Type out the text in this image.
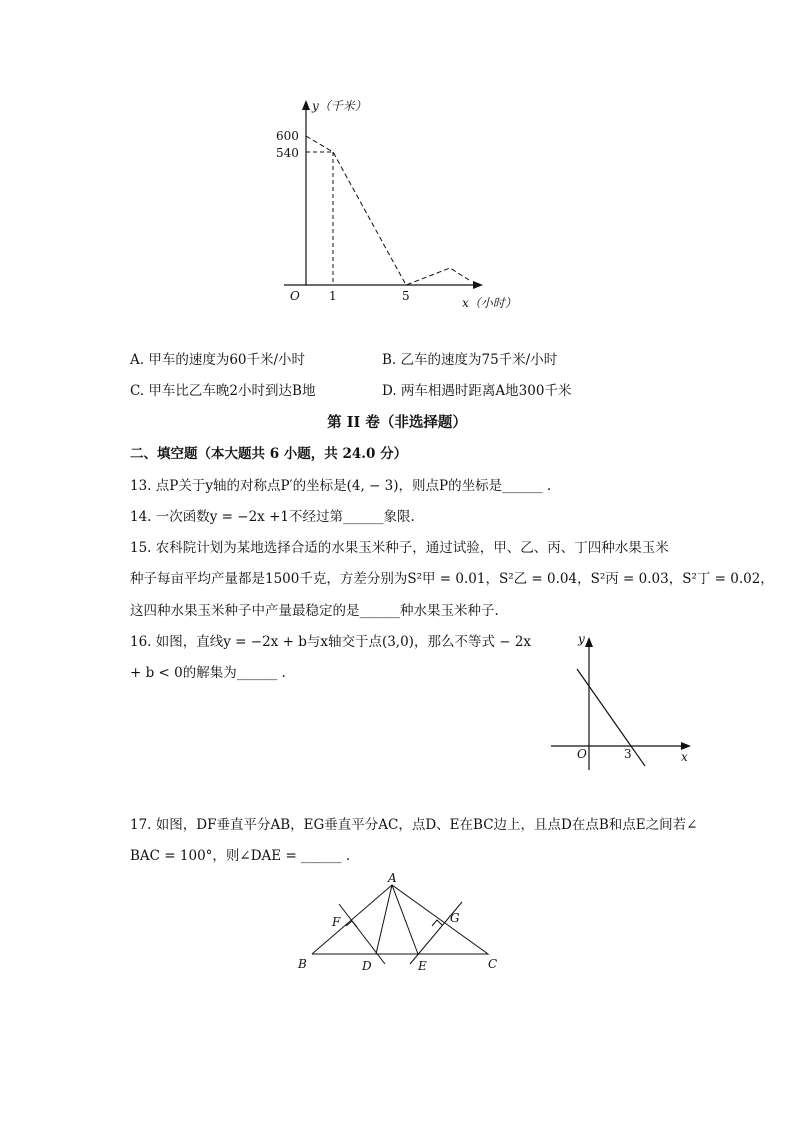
y（千米）
600
540
O 1	5	x（小时）
A. 甲车的速度为60千米/小时	B. 乙车的速度为75千米/小时
C. 甲车比乙车晚2小时到达B地	D. 两车相遇时距离A地300千米
第 II 卷（非选择题）
二、填空题（本大题共 6 小题，共 24.0 分）
13. 点P关于y轴的对称点P′的坐标是(4, − 3)，则点P的坐标是______ .
14. 一次函数y = −2x +1不经过第______象限.
15. 农科院计划为某地选择合适的水果玉米种子，通过试验，甲、乙、丙、丁四种水果玉米
种子每亩平均产量都是1500千克，方差分别为S²甲 = 0.01，S²乙 = 0.04，S²丙 = 0.03，S²丁 = 0.02，
这四种水果玉米种子中产量最稳定的是______种水果玉米种子.
16. 如图，直线y = −2x + b与x轴交于点(3,0)，那么不等式 − 2x
+ b < 0的解集为______ .
y
x
O	3
17. 如图，DF垂直平分AB，EG垂直平分AC，点D、E在BC边上，且点D在点B和点E之间若∠
BAC = 100°，则∠DAE = ______ .
A
B	C
D	E
F	G
